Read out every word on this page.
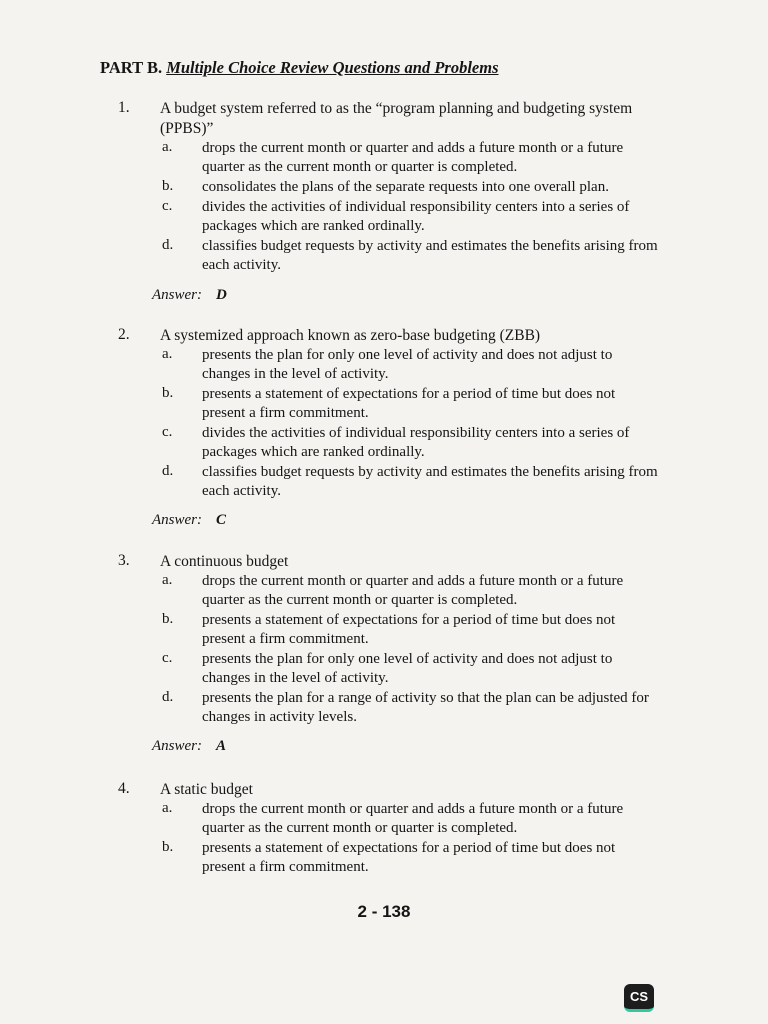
PART B. Multiple Choice Review Questions and Problems
1. A budget system referred to as the “program planning and budgeting system (PPBS)”
a. drops the current month or quarter and adds a future month or a future quarter as the current month or quarter is completed.
b. consolidates the plans of the separate requests into one overall plan.
c. divides the activities of individual responsibility centers into a series of packages which are ranked ordinally.
d. classifies budget requests by activity and estimates the benefits arising from each activity.
Answer: D
2. A systemized approach known as zero-base budgeting (ZBB)
a. presents the plan for only one level of activity and does not adjust to changes in the level of activity.
b. presents a statement of expectations for a period of time but does not present a firm commitment.
c. divides the activities of individual responsibility centers into a series of packages which are ranked ordinally.
d. classifies budget requests by activity and estimates the benefits arising from each activity.
Answer: C
3. A continuous budget
a. drops the current month or quarter and adds a future month or a future quarter as the current month or quarter is completed.
b. presents a statement of expectations for a period of time but does not present a firm commitment.
c. presents the plan for only one level of activity and does not adjust to changes in the level of activity.
d. presents the plan for a range of activity so that the plan can be adjusted for changes in activity levels.
Answer: A
4. A static budget
a. drops the current month or quarter and adds a future month or a future quarter as the current month or quarter is completed.
b. presents a statement of expectations for a period of time but does not present a firm commitment.
2 - 138
CS
